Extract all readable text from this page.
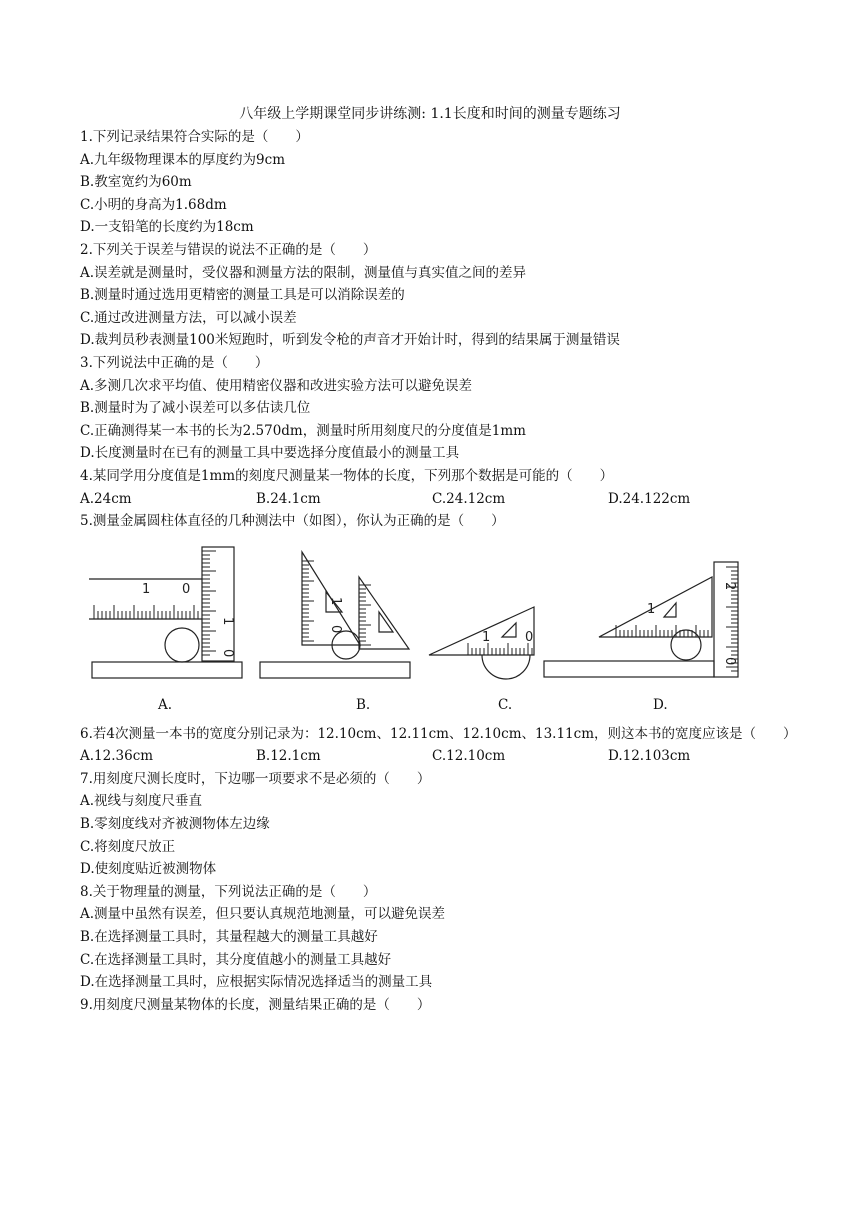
八年级上学期课堂同步讲练测: 1.1长度和时间的测量专题练习
1.下列记录结果符合实际的是（　　）
A.九年级物理课本的厚度约为9cm
B.教室宽约为60m
C.小明的身高为1.68dm
D.一支铅笔的长度约为18cm
2.下列关于误差与错误的说法不正确的是（　　）
A.误差就是测量时，受仪器和测量方法的限制，测量值与真实值之间的差异
B.测量时通过选用更精密的测量工具是可以消除误差的
C.通过改进测量方法，可以减小误差
D.裁判员秒表测量100米短跑时，听到发令枪的声音才开始计时，得到的结果属于测量错误
3.下列说法中正确的是（　　）
A.多测几次求平均值、使用精密仪器和改进实验方法可以避免误差
B.测量时为了减小误差可以多估读几位
C.正确测得某一本书的长为2.570dm，测量时所用刻度尺的分度值是1mm
D.长度测量时在已有的测量工具中要选择分度值最小的测量工具
4.某同学用分度值是1mm的刻度尺测量某一物体的长度，下列那个数据是可能的（　　）
A.24cm	B.24.1cm	C.24.12cm	D.24.122cm
5.测量金属圆柱体直径的几种测法中（如图），你认为正确的是（　　）
1 0
1
0
1
0
1	0
1
2
0
A.	B.	C.	D.
6.若4次测量一本书的宽度分别记录为：12.10cm、12.11cm、12.10cm、13.11cm，则这本书的宽度应该是（　　）
A.12.36cm	B.12.1cm	C.12.10cm	D.12.103cm
7.用刻度尺测长度时，下边哪一项要求不是必须的（　　）
A.视线与刻度尺垂直
B.零刻度线对齐被测物体左边缘
C.将刻度尺放正
D.使刻度贴近被测物体
8.关于物理量的测量，下列说法正确的是（　　）
A.测量中虽然有误差，但只要认真规范地测量，可以避免误差
B.在选择测量工具时，其量程越大的测量工具越好
C.在选择测量工具时，其分度值越小的测量工具越好
D.在选择测量工具时，应根据实际情况选择适当的测量工具
9.用刻度尺测量某物体的长度，测量结果正确的是（　　）
